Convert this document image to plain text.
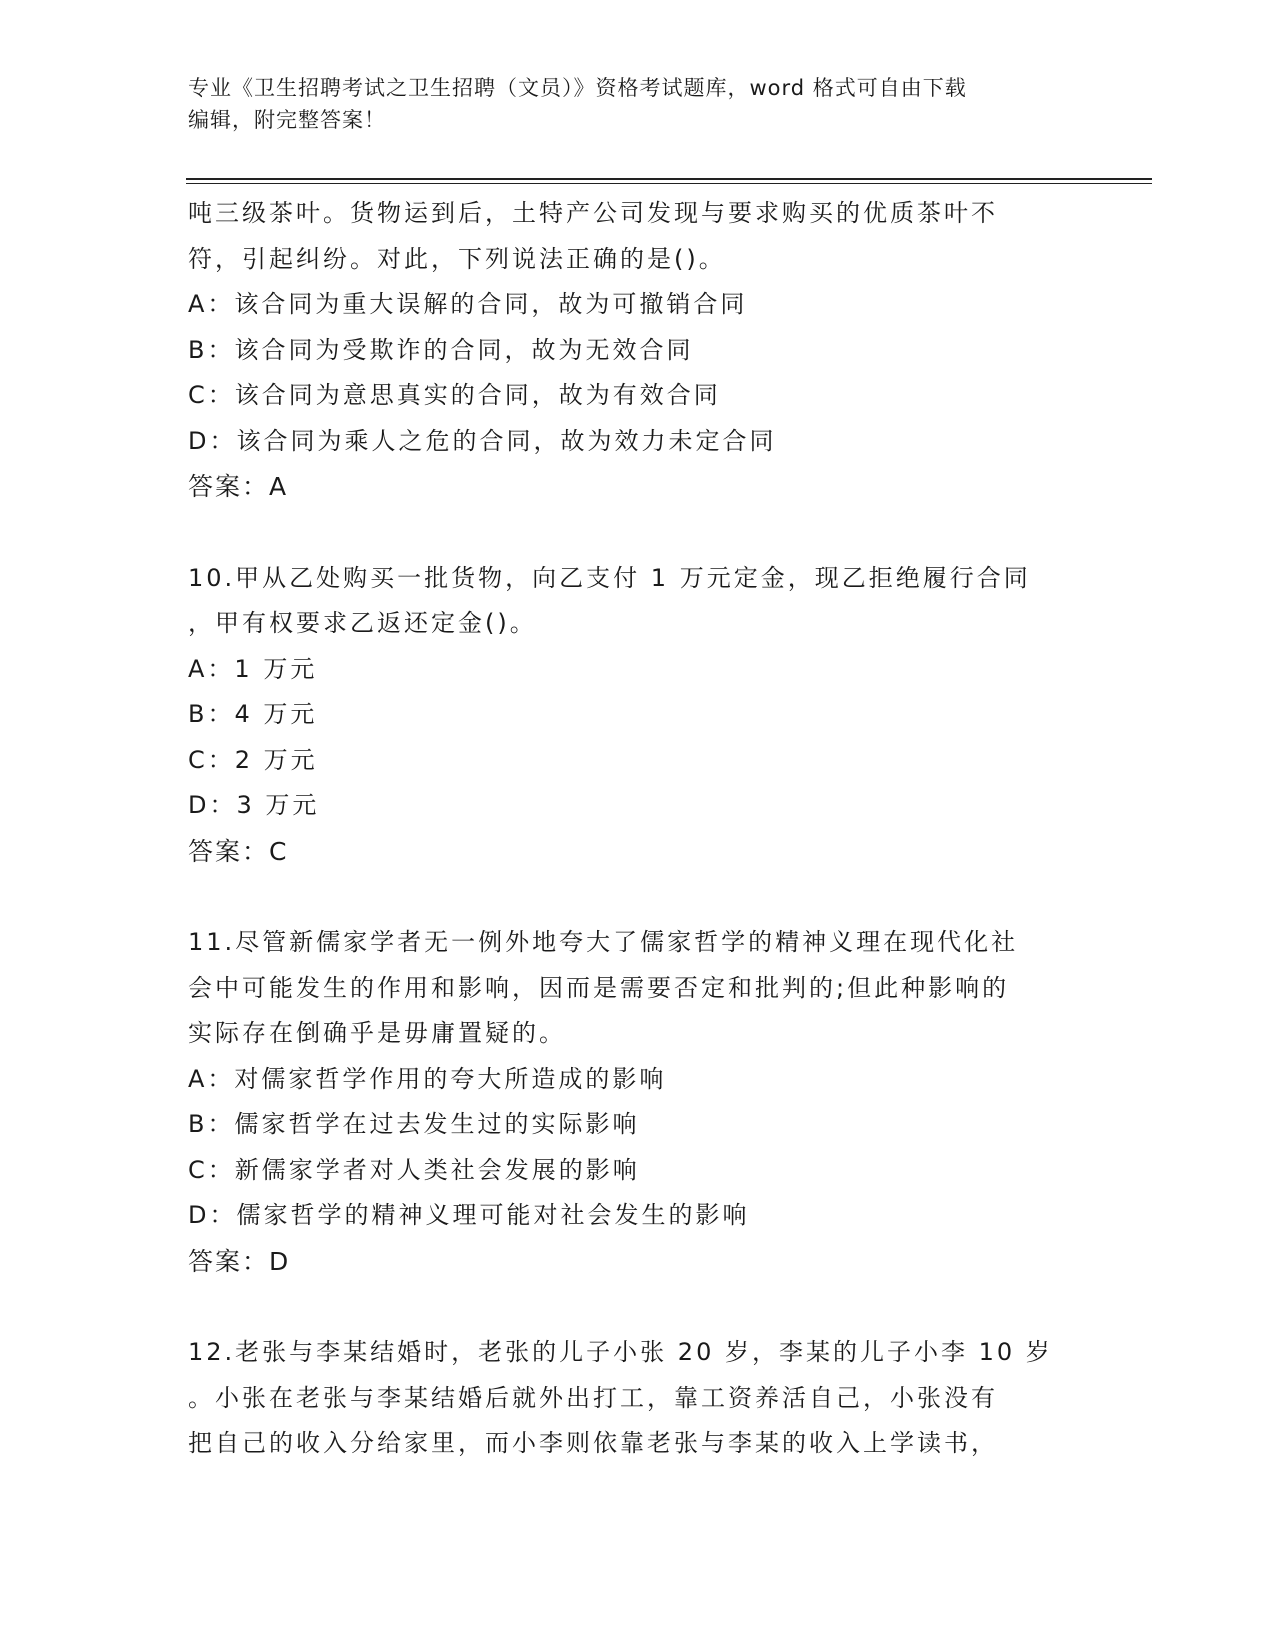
专业《卫生招聘考试之卫生招聘（文员）》资格考试题库，word 格式可自由下载
编辑，附完整答案！
吨三级茶叶。货物运到后，土特产公司发现与要求购买的优质茶叶不
符，引起纠纷。对此，下列说法正确的是()。
A：该合同为重大误解的合同，故为可撤销合同
B：该合同为受欺诈的合同，故为无效合同
C：该合同为意思真实的合同，故为有效合同
D：该合同为乘人之危的合同，故为效力未定合同
答案：A
10.甲从乙处购买一批货物，向乙支付 1 万元定金，现乙拒绝履行合同
，甲有权要求乙返还定金()。
A：1 万元
B：4 万元
C：2 万元
D：3 万元
答案：C
11.尽管新儒家学者无一例外地夸大了儒家哲学的精神义理在现代化社
会中可能发生的作用和影响，因而是需要否定和批判的;但此种影响的
实际存在倒确乎是毋庸置疑的。
A：对儒家哲学作用的夸大所造成的影响
B：儒家哲学在过去发生过的实际影响
C：新儒家学者对人类社会发展的影响
D：儒家哲学的精神义理可能对社会发生的影响
答案：D
12.老张与李某结婚时，老张的儿子小张 20 岁，李某的儿子小李 10 岁
。小张在老张与李某结婚后就外出打工，靠工资养活自己，小张没有
把自己的收入分给家里，而小李则依靠老张与李某的收入上学读书，
